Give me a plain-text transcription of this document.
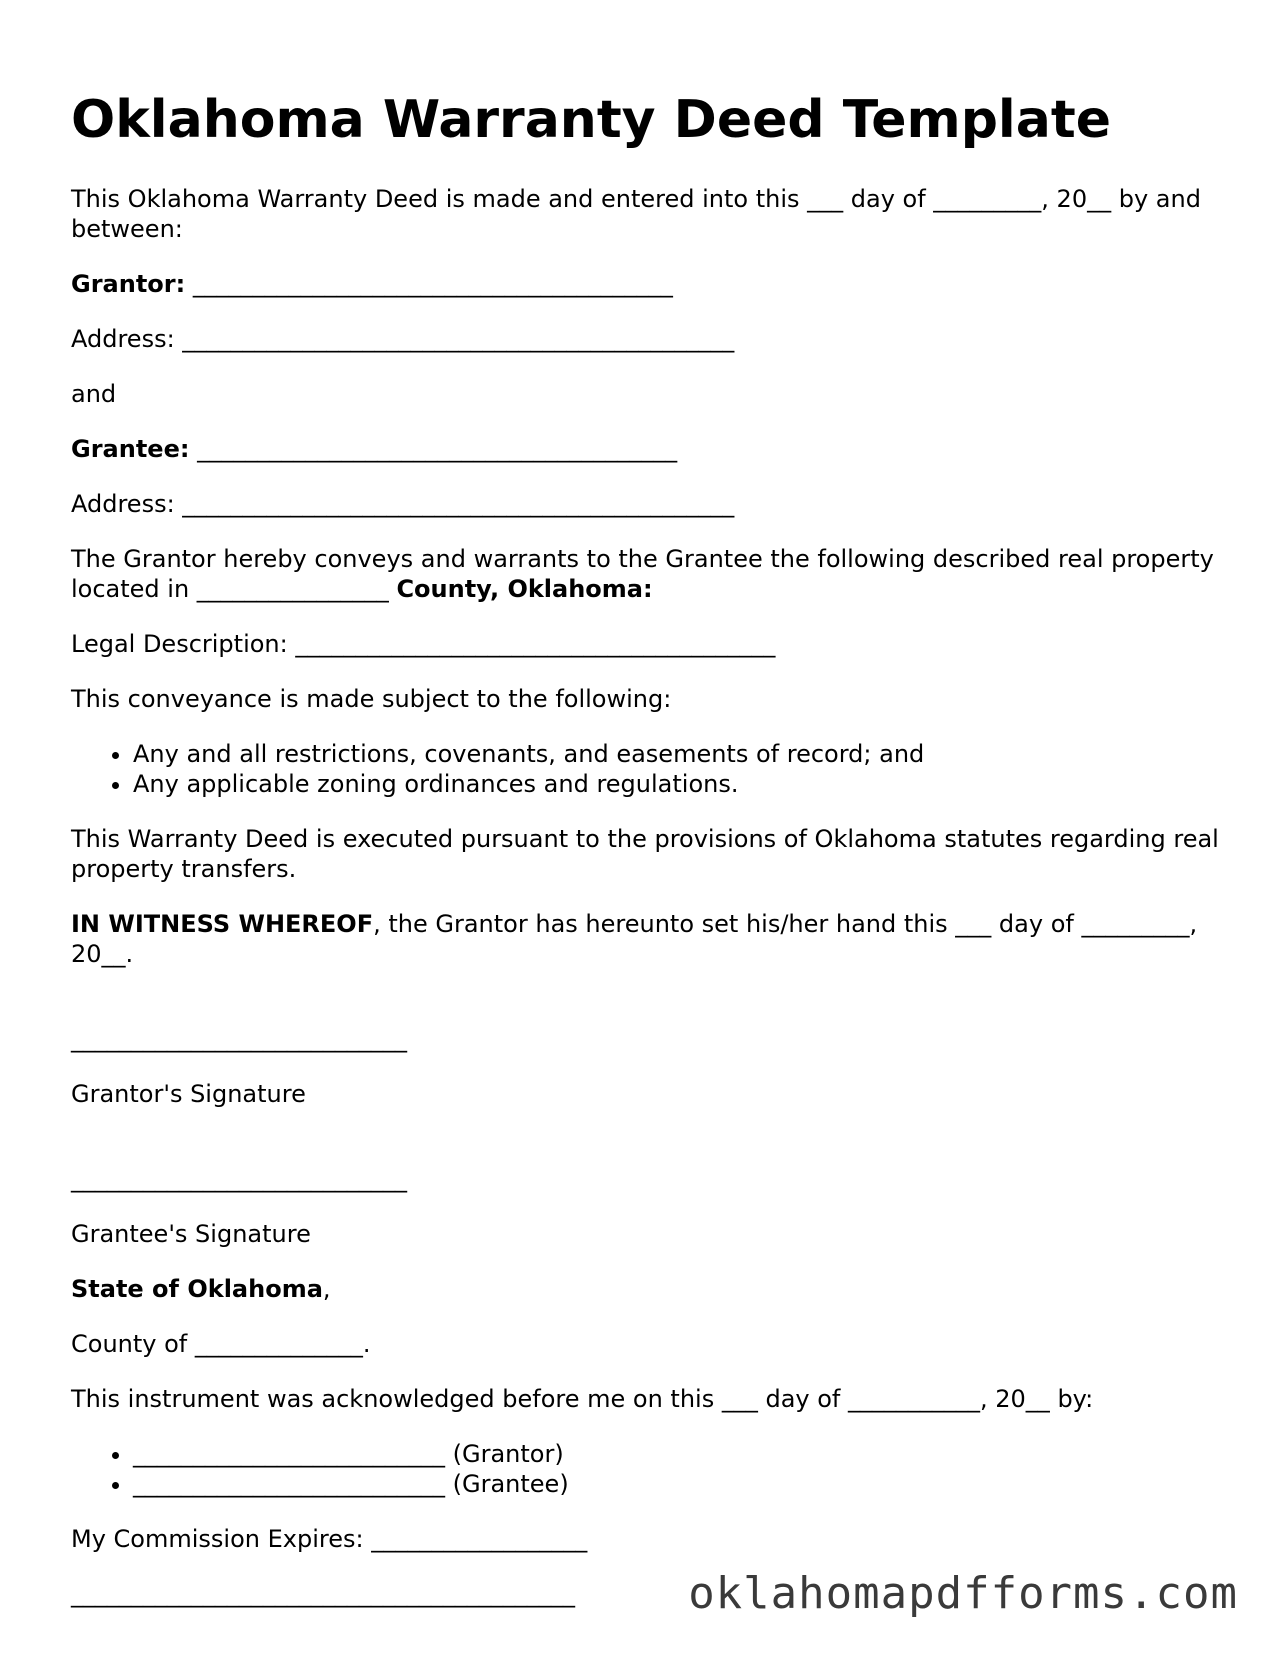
Oklahoma Warranty Deed Template

This Oklahoma Warranty Deed is made and entered into this ___ day of _________, 20__ by and between:

Grantor: ________________________________________

Address: ______________________________________________

and

Grantee: ________________________________________

Address: ______________________________________________

The Grantor hereby conveys and warrants to the Grantee the following described real property located in ________________ County, Oklahoma:

Legal Description: ________________________________________

This conveyance is made subject to the following:

• Any and all restrictions, covenants, and easements of record; and
• Any applicable zoning ordinances and regulations.

This Warranty Deed is executed pursuant to the provisions of Oklahoma statutes regarding real property transfers.

IN WITNESS WHEREOF, the Grantor has hereunto set his/her hand this ___ day of _________, 20__.

____________________________

Grantor's Signature

____________________________

Grantee's Signature

State of Oklahoma,

County of ______________.

This instrument was acknowledged before me on this ___ day of ___________, 20__ by:

• __________________________ (Grantor)
• __________________________ (Grantee)

My Commission Expires: __________________

__________________________________________	oklahomapdfforms.com
